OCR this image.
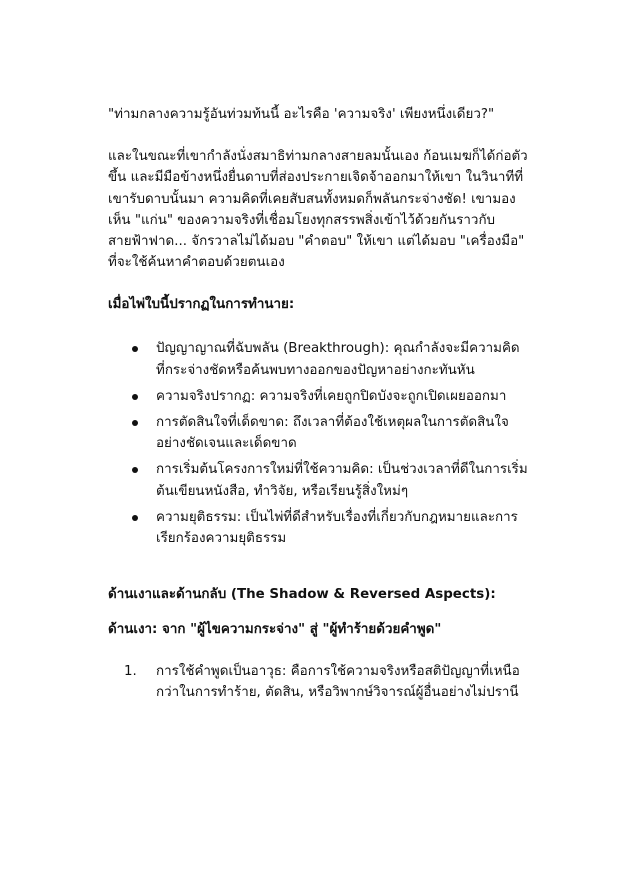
"ท่ามกลางความรู้อันท่วมท้นนี้ อะไรคือ 'ความจริง' เพียงหนึ่งเดียว?"

และในขณะที่เขากำลังนั่งสมาธิท่ามกลางสายลมนั้นเอง ก้อนเมฆก็ได้ก่อตัวขึ้น และมีมือข้างหนึ่งยื่นดาบที่ส่องประกายเจิดจ้าออกมาให้เขา ในวินาทีที่เขารับดาบนั้นมา ความคิดที่เคยสับสนทั้งหมดก็พลันกระจ่างชัด! เขามองเห็น "แก่น" ของความจริงที่เชื่อมโยงทุกสรรพสิ่งเข้าไว้ด้วยกันราวกับสายฟ้าฟาด... จักรวาลไม่ได้มอบ "คำตอบ" ให้เขา แต่ได้มอบ "เครื่องมือ" ที่จะใช้ค้นหาคำตอบด้วยตนเอง

เมื่อไพ่ใบนี้ปรากฏในการทำนาย:

ปัญญาญาณที่ฉับพลัน (Breakthrough): คุณกำลังจะมีความคิดที่กระจ่างชัดหรือค้นพบทางออกของปัญหาอย่างกะทันหัน
ความจริงปรากฏ: ความจริงที่เคยถูกปิดบังจะถูกเปิดเผยออกมา
การตัดสินใจที่เด็ดขาด: ถึงเวลาที่ต้องใช้เหตุผลในการตัดสินใจอย่างชัดเจนและเด็ดขาด
การเริ่มต้นโครงการใหม่ที่ใช้ความคิด: เป็นช่วงเวลาที่ดีในการเริ่มต้นเขียนหนังสือ, ทำวิจัย, หรือเรียนรู้สิ่งใหม่ๆ
ความยุติธรรม: เป็นไพ่ที่ดีสำหรับเรื่องที่เกี่ยวกับกฎหมายและการเรียกร้องความยุติธรรม

ด้านเงาและด้านกลับ (The Shadow & Reversed Aspects):

ด้านเงา: จาก "ผู้ไขความกระจ่าง" สู่ "ผู้ทำร้ายด้วยคำพูด"

1. การใช้คำพูดเป็นอาวุธ: คือการใช้ความจริงหรือสติปัญญาที่เหนือกว่าในการทำร้าย, ตัดสิน, หรือวิพากษ์วิจารณ์ผู้อื่นอย่างไม่ปรานี
